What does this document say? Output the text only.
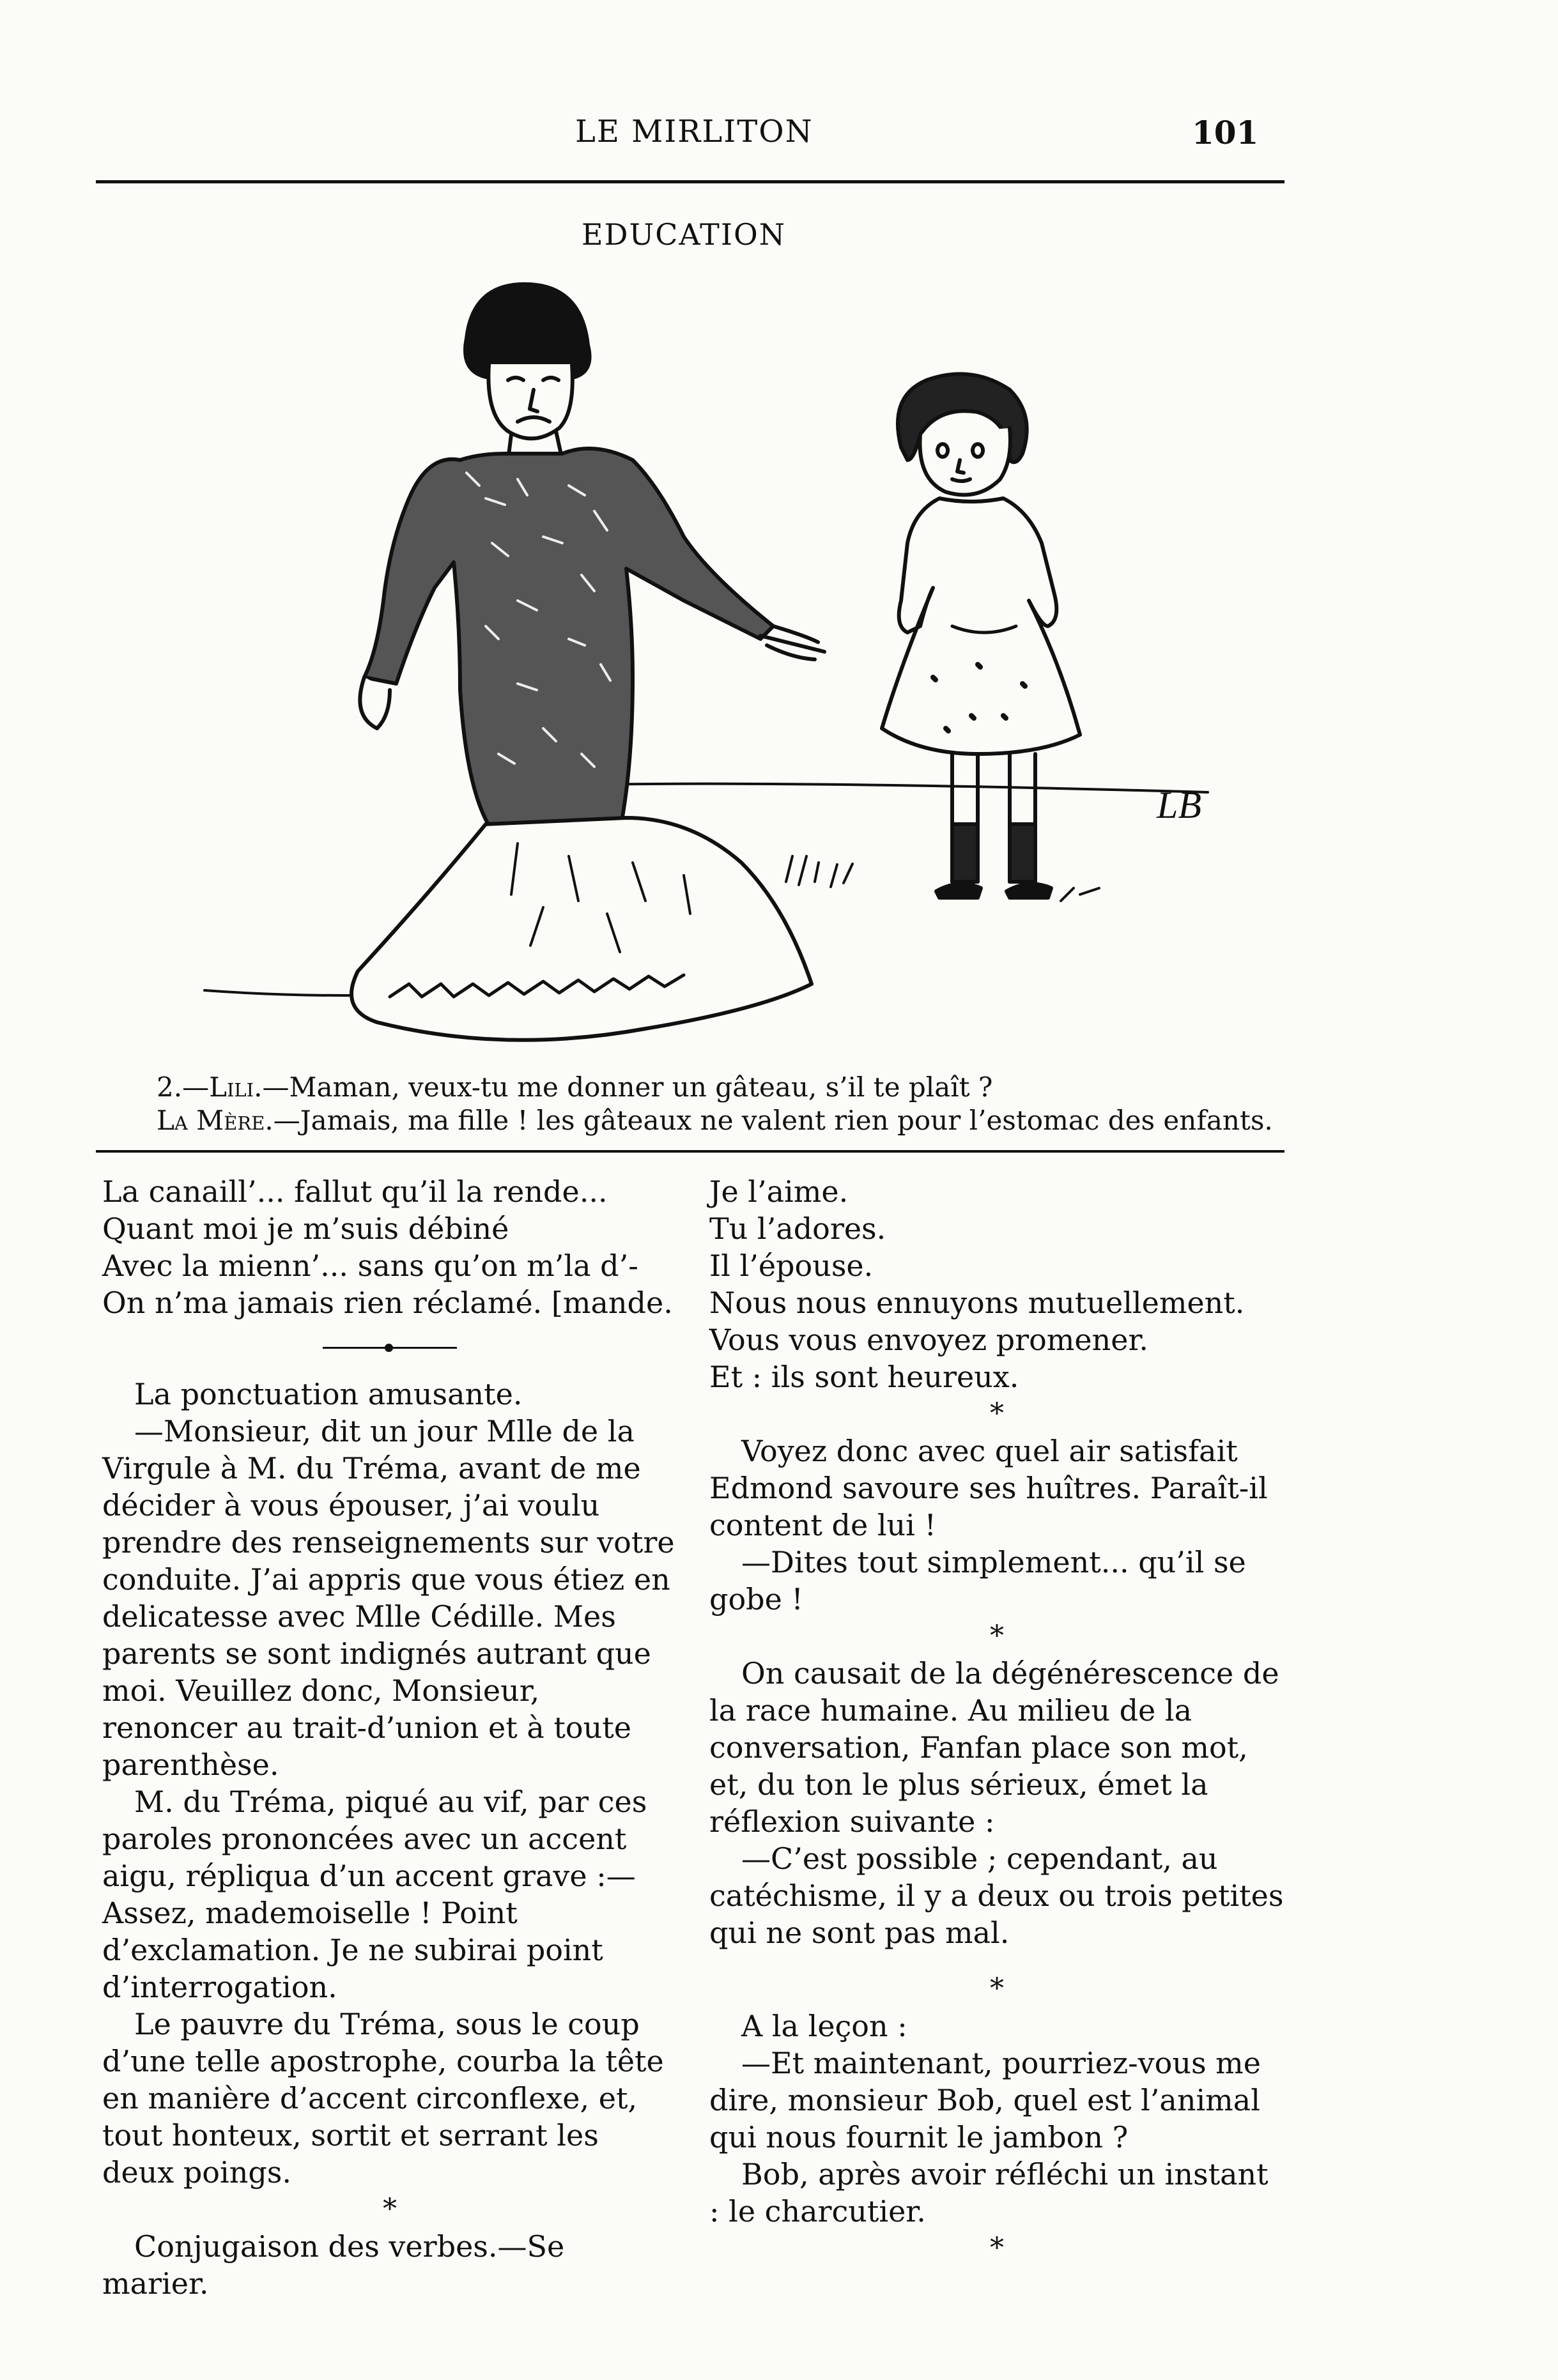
LE MIRLITON	101
EDUCATION
LB

2.—Lili.—Maman, veux-tu me donner un gâteau, s’il te plaît ?

La Mère.—Jamais, ma fille ! les gâteaux ne valent rien pour l’estomac des enfants.

La canaill’... fallut qu’il la rende...

Quant moi je m’suis débiné

Avec la mienn’... sans qu’on m’la d’-

On n’ma jamais rien réclamé. [mande.

La ponctuation amusante.

—Monsieur, dit un jour Mlle de la Virgule à M. du Tréma, avant de me décider à vous épouser, j’ai voulu prendre des renseignements sur votre conduite. J’ai appris que vous étiez en delicatesse avec Mlle Cédille. Mes parents se sont indignés autrant que moi. Veuillez donc, Monsieur, renoncer au trait-d’union et à toute parenthèse.

M. du Tréma, piqué au vif, par ces paroles prononcées avec un accent aigu, répliqua d’un accent grave :—Assez, mademoiselle ! Point d’exclamation. Je ne subirai point d’interrogation.

Le pauvre du Tréma, sous le coup d’une telle apostrophe, courba la tête en manière d’accent circonflexe, et, tout honteux, sortit et serrant les deux poings.

*

Conjugaison des verbes.—Se marier.

Je l’aime.

Tu l’adores.

Il l’épouse.

Nous nous ennuyons mutuellement.

Vous vous envoyez promener.

Et : ils sont heureux.

*

Voyez donc avec quel air satisfait Edmond savoure ses huîtres. Paraît-il content de lui !

—Dites tout simplement... qu’il se gobe !

*

On causait de la dégénérescence de la race humaine. Au milieu de la conversation, Fanfan place son mot, et, du ton le plus sérieux, émet la réflexion suivante :

—C’est possible ; cependant, au catéchisme, il y a deux ou trois petites qui ne sont pas mal.

*

A la leçon :

—Et maintenant, pourriez-vous me dire, monsieur Bob, quel est l’animal qui nous fournit le jambon ?

Bob, après avoir réfléchi un instant : le charcutier.

*
